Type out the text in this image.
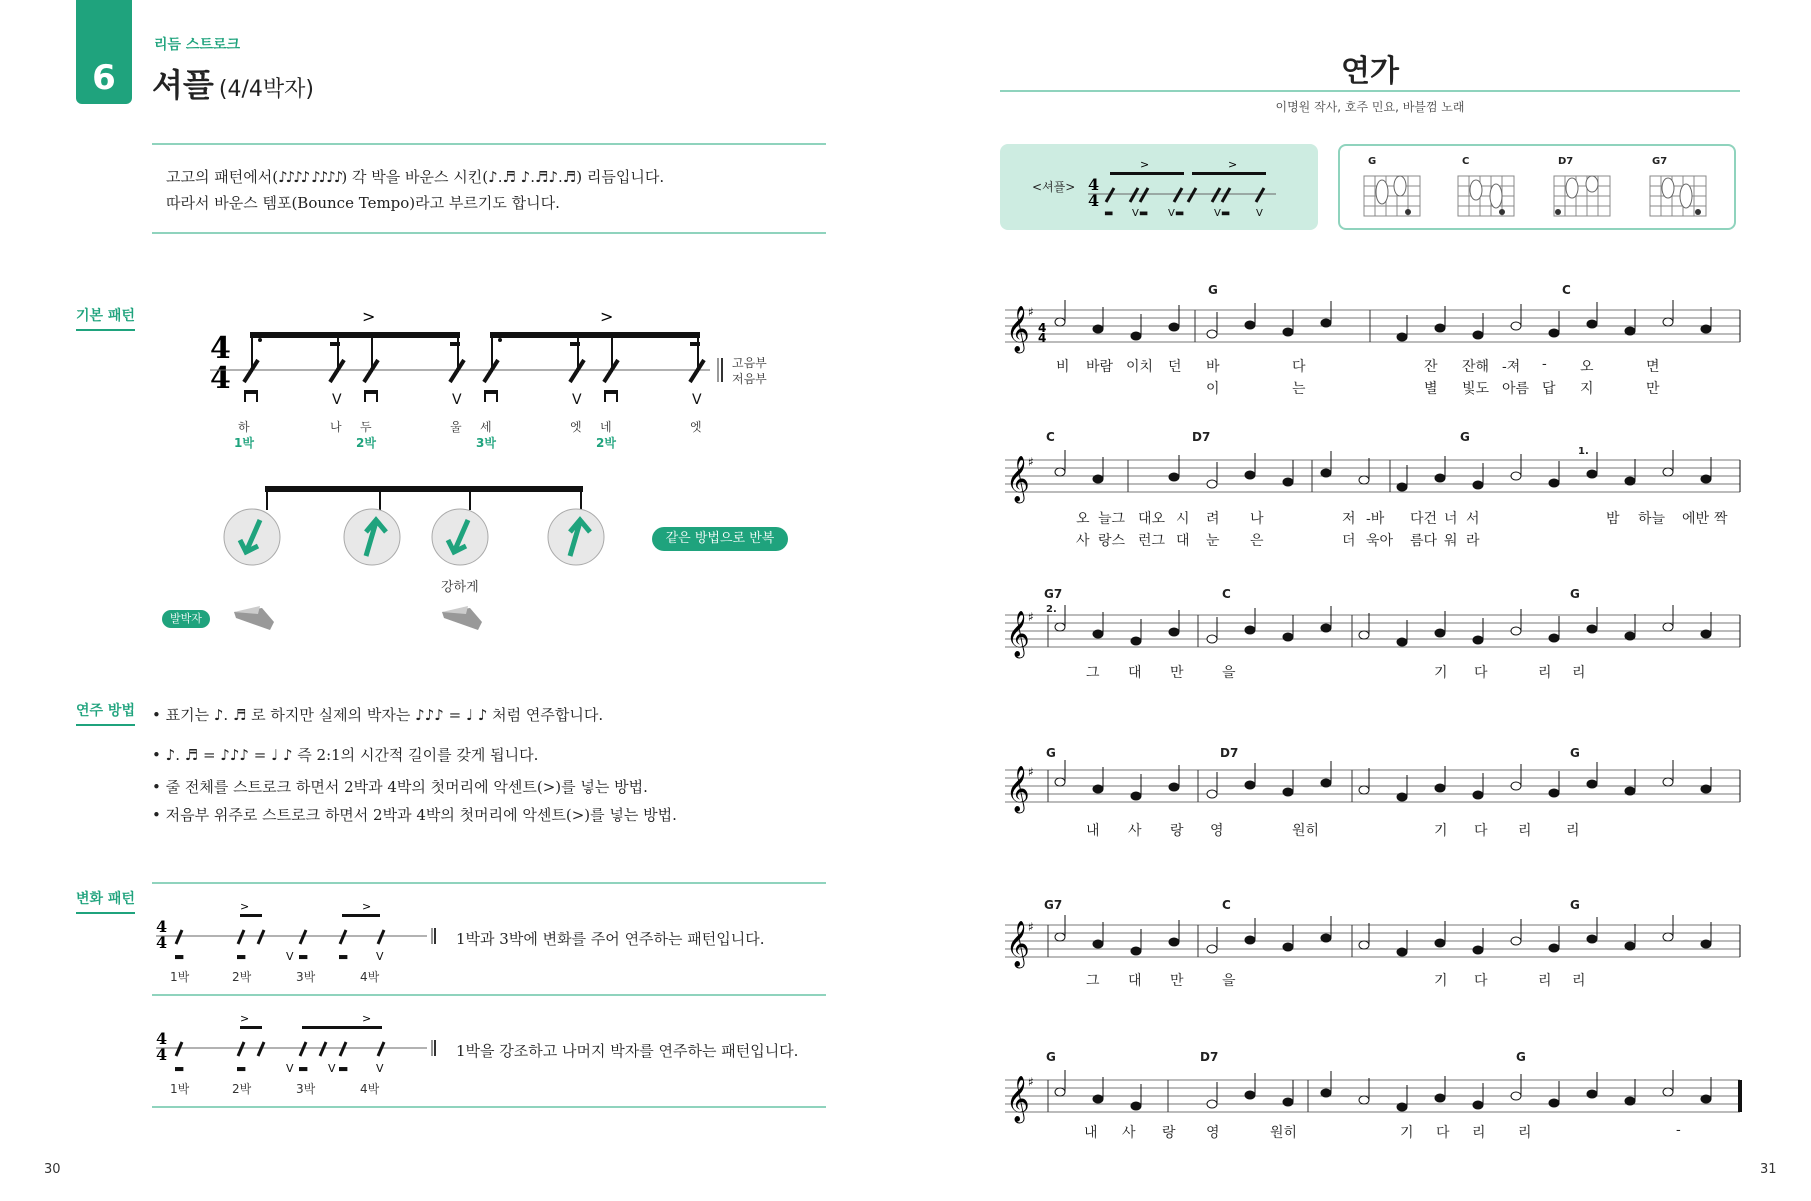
6
리듬 스트로크
셔플 (4/4박자)
고고의 패턴에서(♪♪♪♪ ♪♪♪♪) 각 박을 바운스 시킨(♪.♬ ♪.♬♪.♬) 리듬입니다.
따라서 바운스 템포(Bounce Tempo)라고 부르기도 합니다.
기본 패턴
4
4
>	>
V	V	V	V
고음부
저음부
하	나 두	울 세	엣 네	엣
1박	2박	3박	2박
같은 방법으로 반복
강하게
발박자
연주 방법 • 표기는 ♪. ♬ 로 하지만 실제의 박자는 ♪♪♪ = ♩ ♪ 처럼 연주합니다.
• ♪. ♬ = ♪♪♪ = ♩ ♪ 즉 2:1의 시간적 길이를 갖게 됩니다.
• 줄 전체를 스트로크 하면서 2박과 4박의 첫머리에 악센트(>)를 넣는 방법.
• 저음부 위주로 스트로크 하면서 2박과 4박의 첫머리에 악센트(>)를 넣는 방법.
변화 패턴
4
4
>	>
▬	▬	V ▬	▬	V
1박과 3박에 변화를 주어 연주하는 패턴입니다.
1박	2박	3박	4박
4
4
>	>
▬	▬	V ▬ V ▬	V
1박을 강조하고 나머지 박자를 연주하는 패턴입니다.
1박	2박	3박	4박
30
연가
이명원 작사, 호주 민요, 바블껌 노래
<셔플> 4
4
>	>
▬ V▬ V▬	V▬	V
G	C	D7	G7
𝄞
♯
𝄞
♯
𝄞
♯
𝄞
♯
𝄞
♯
𝄞
♯
4
4
G	C
C	D7	G
1.
G7	C	G
2.
G	D7	G
G7	C	G
G	D7	G
비 바람 이치 던 바	다	잔 잔해 -져 - 오	면
이	는	별 빛도 아름 답 지	만
오 늘그 대오 시 려 나	저 -바 다건 너 서	밤 하늘 에반 짝
사 랑스 런그 대 눈 은	더 욱아 름다 워 라
그 대 만	을	기 다	리 리
내 사 랑 영	원히	기 다 리 리
그 대 만	을	기 다	리 리
내 사 랑 영	원히	기 다 리 리	-
31
